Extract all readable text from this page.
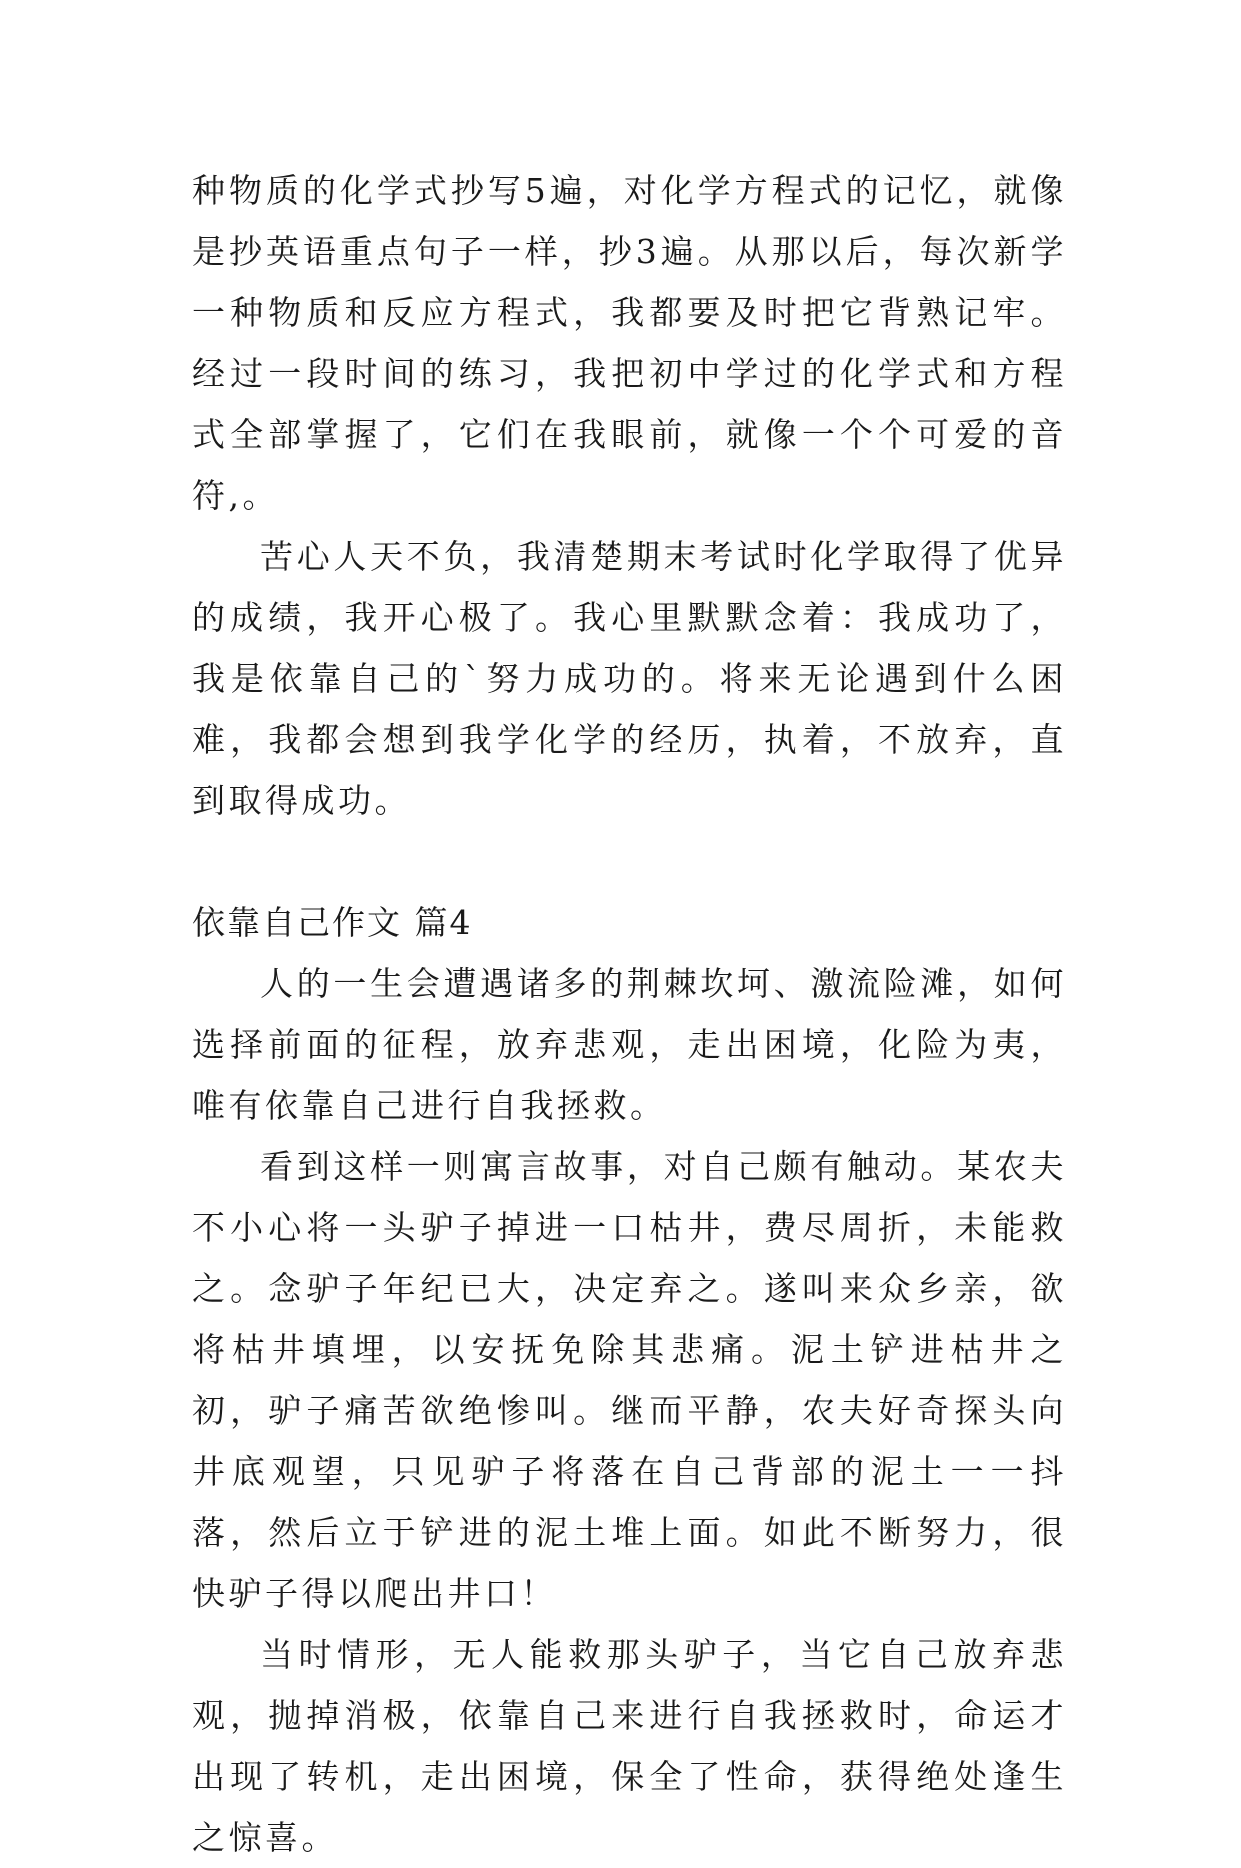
种物质的化学式抄写5遍，对化学方程式的记忆，就像是抄英语重点句子一样，抄3遍。从那以后，每次新学一种物质和反应方程式，我都要及时把它背熟记牢。经过一段时间的练习，我把初中学过的化学式和方程式全部掌握了，它们在我眼前，就像一个个可爱的音符,。

苦心人天不负，我清楚期末考试时化学取得了优异的成绩，我开心极了。我心里默默念着：我成功了，我是依靠自己的`努力成功的。将来无论遇到什么困难，我都会想到我学化学的经历，执着，不放弃，直到取得成功。

依靠自己作文 篇4

人的一生会遭遇诸多的荆棘坎坷、激流险滩，如何选择前面的征程，放弃悲观，走出困境，化险为夷，唯有依靠自己进行自我拯救。

看到这样一则寓言故事，对自己颇有触动。某农夫不小心将一头驴子掉进一口枯井，费尽周折，未能救之。念驴子年纪已大，决定弃之。遂叫来众乡亲，欲将枯井填埋，以安抚免除其悲痛。泥土铲进枯井之初，驴子痛苦欲绝惨叫。继而平静，农夫好奇探头向井底观望，只见驴子将落在自己背部的泥土一一抖落，然后立于铲进的泥土堆上面。如此不断努力，很快驴子得以爬出井口！

当时情形，无人能救那头驴子，当它自己放弃悲观，抛掉消极，依靠自己来进行自我拯救时，命运才出现了转机，走出困境，保全了性命，获得绝处逢生之惊喜。
